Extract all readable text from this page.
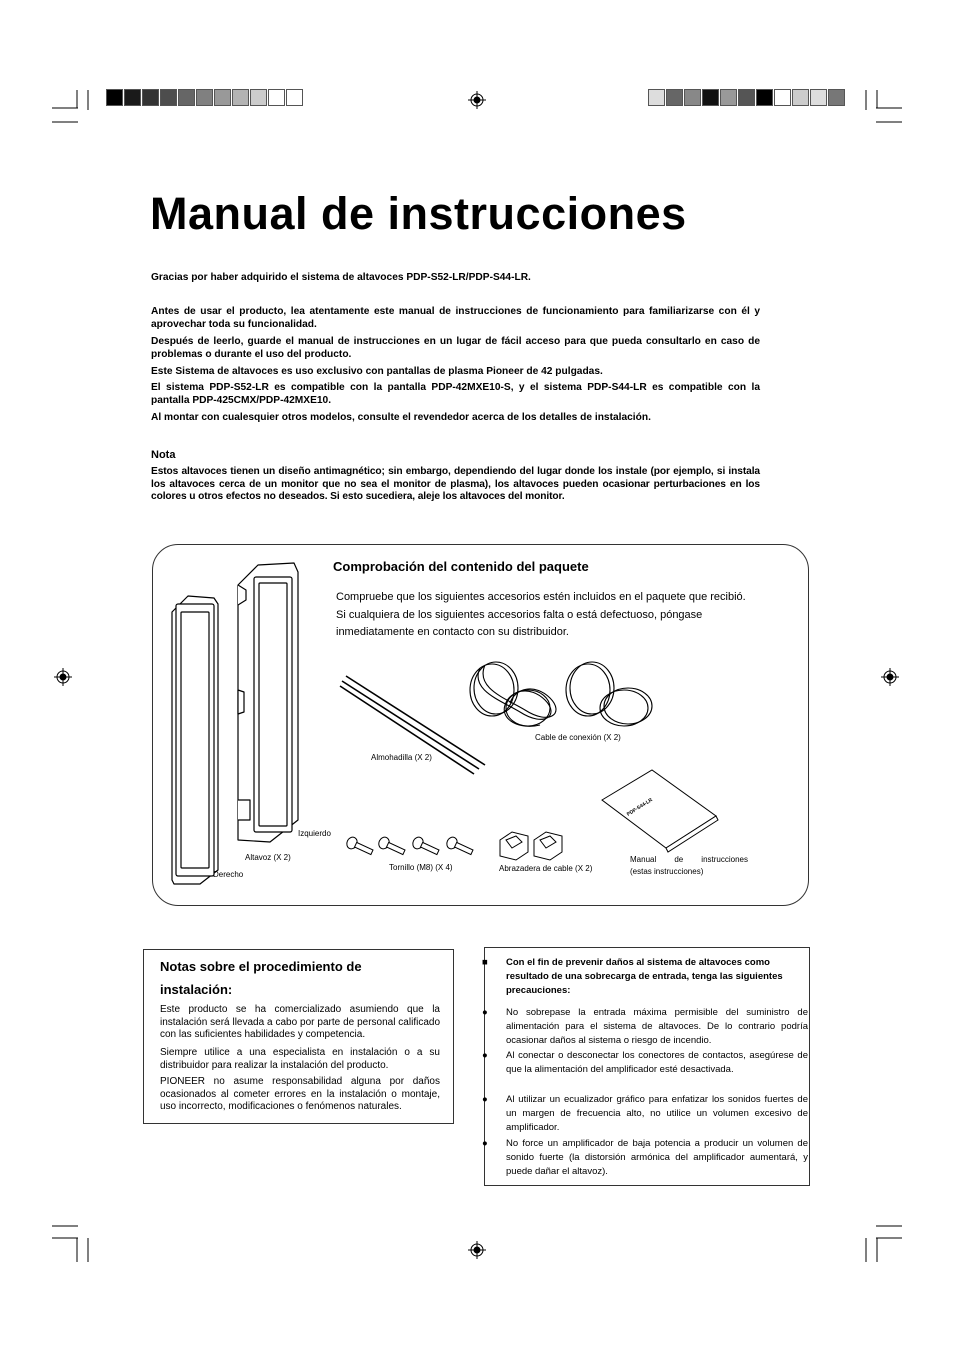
Manual de instrucciones
Gracias por haber adquirido el sistema de altavoces PDP-S52-LR/PDP-S44-LR.
Antes de usar el producto, lea atentamente este manual de instrucciones de funcionamiento para familiarizarse con él y aprovechar toda su funcionalidad.
Después de leerlo, guarde el manual de instrucciones en un lugar de fácil acceso para que pueda consultarlo en caso de problemas o durante el uso del producto.
Este Sistema de altavoces es uso exclusivo con pantallas de plasma Pioneer de 42 pulgadas.
El sistema PDP-S52-LR es compatible con la pantalla PDP-42MXE10-S, y el sistema PDP-S44-LR es compatible con la pantalla PDP-425CMX/PDP-42MXE10.
Al montar con cualesquier otros modelos, consulte el revendedor acerca de los detalles de instalación.
Nota
Estos altavoces tienen un diseño antimagnético; sin embargo, dependiendo del lugar donde los instale (por ejemplo, si instala los altavoces cerca de un monitor que no sea el monitor de plasma), los altavoces pueden ocasionar perturbaciones en los colores u otros efectos no deseados. Si esto sucediera, aleje los altavoces del monitor.
Comprobación del contenido del paquete
Compruebe que los siguientes accesorios estén incluidos en el paquete que recibió.
Si cualquiera de los siguientes accesorios falta o está defectuoso, póngase inmediatamente en contacto con su distribuidor.
PDP-S44-LR
Izquierdo
Altavoz (X 2)
Derecho
Almohadilla (X 2)
Cable de conexión (X 2)
Tornillo (M8) (X 4)	Abrazadera de cable (X 2)
Manual de instrucciones
(estas instrucciones)
Notas sobre el procedimiento de instalación:
Este producto se ha comercializado asumiendo que la instalación será llevada a cabo por parte de personal calificado con las suficientes habilidades y competencia.
Siempre utilice a una especialista en instalación o a su distribuidor para realizar la instalación del producto.
PIONEER no asume responsabilidad alguna por daños ocasionados al cometer errores en la instalación o montaje, uso incorrecto, modificaciones o fenómenos naturales.
■ Con el fin de prevenir daños al sistema de altavoces como resultado de una sobrecarga de entrada, tenga las siguientes precauciones:
● No sobrepase la entrada máxima permisible del suministro de alimentación para el sistema de altavoces. De lo contrario podría ocasionar daños al sistema o riesgo de incendio.
● Al conectar o desconectar los conectores de contactos, asegúrese de que la alimentación del amplificador esté desactivada.
● Al utilizar un ecualizador gráfico para enfatizar los sonidos fuertes de un margen de frecuencia alto, no utilice un volumen excesivo de amplificador.
● No force un amplificador de baja potencia a producir un volumen de sonido fuerte (la distorsión armónica del amplificador aumentará, y puede dañar el altavoz).
